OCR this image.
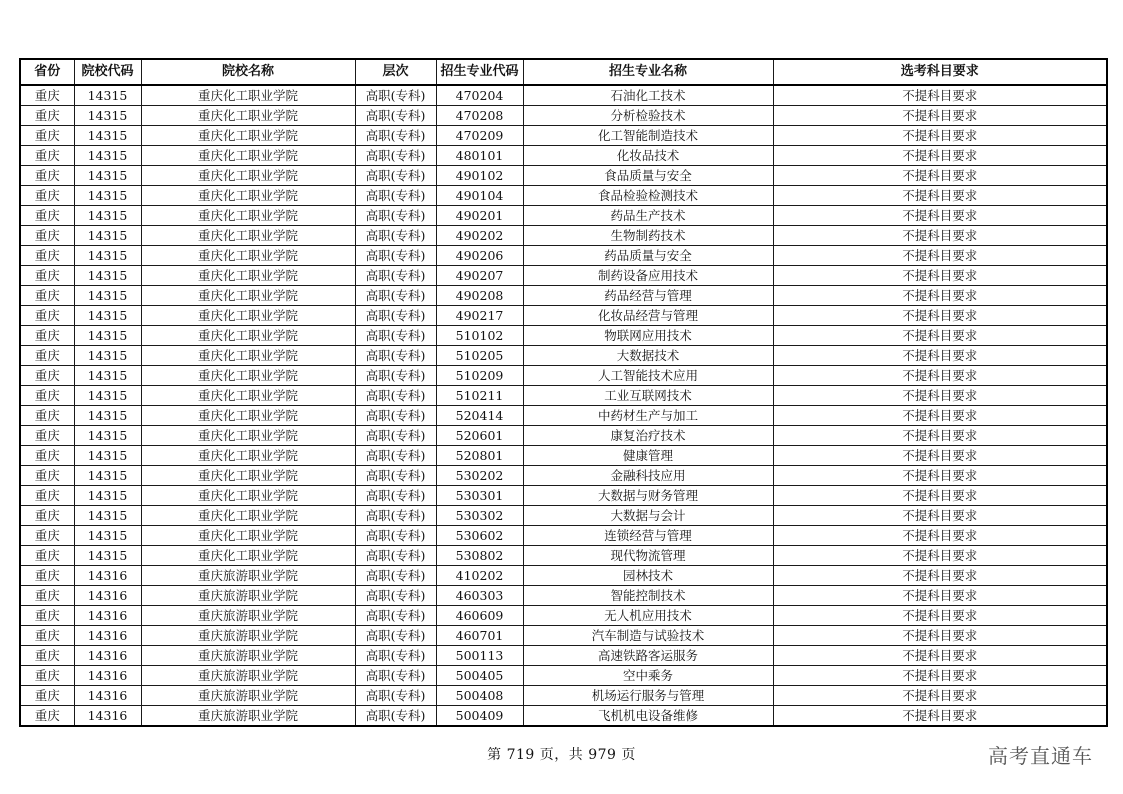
省份	院校代码	院校名称	层次	招生专业代码	招生专业名称	选考科目要求
重庆	14315	重庆化工职业学院	高职(专科)	470204	石油化工技术	不提科目要求
重庆	14315	重庆化工职业学院	高职(专科)	470208	分析检验技术	不提科目要求
重庆	14315	重庆化工职业学院	高职(专科)	470209	化工智能制造技术	不提科目要求
重庆	14315	重庆化工职业学院	高职(专科)	480101	化妆品技术	不提科目要求
重庆	14315	重庆化工职业学院	高职(专科)	490102	食品质量与安全	不提科目要求
重庆	14315	重庆化工职业学院	高职(专科)	490104	食品检验检测技术	不提科目要求
重庆	14315	重庆化工职业学院	高职(专科)	490201	药品生产技术	不提科目要求
重庆	14315	重庆化工职业学院	高职(专科)	490202	生物制药技术	不提科目要求
重庆	14315	重庆化工职业学院	高职(专科)	490206	药品质量与安全	不提科目要求
重庆	14315	重庆化工职业学院	高职(专科)	490207	制药设备应用技术	不提科目要求
重庆	14315	重庆化工职业学院	高职(专科)	490208	药品经营与管理	不提科目要求
重庆	14315	重庆化工职业学院	高职(专科)	490217	化妆品经营与管理	不提科目要求
重庆	14315	重庆化工职业学院	高职(专科)	510102	物联网应用技术	不提科目要求
重庆	14315	重庆化工职业学院	高职(专科)	510205	大数据技术	不提科目要求
重庆	14315	重庆化工职业学院	高职(专科)	510209	人工智能技术应用	不提科目要求
重庆	14315	重庆化工职业学院	高职(专科)	510211	工业互联网技术	不提科目要求
重庆	14315	重庆化工职业学院	高职(专科)	520414	中药材生产与加工	不提科目要求
重庆	14315	重庆化工职业学院	高职(专科)	520601	康复治疗技术	不提科目要求
重庆	14315	重庆化工职业学院	高职(专科)	520801	健康管理	不提科目要求
重庆	14315	重庆化工职业学院	高职(专科)	530202	金融科技应用	不提科目要求
重庆	14315	重庆化工职业学院	高职(专科)	530301	大数据与财务管理	不提科目要求
重庆	14315	重庆化工职业学院	高职(专科)	530302	大数据与会计	不提科目要求
重庆	14315	重庆化工职业学院	高职(专科)	530602	连锁经营与管理	不提科目要求
重庆	14315	重庆化工职业学院	高职(专科)	530802	现代物流管理	不提科目要求
重庆	14316	重庆旅游职业学院	高职(专科)	410202	园林技术	不提科目要求
重庆	14316	重庆旅游职业学院	高职(专科)	460303	智能控制技术	不提科目要求
重庆	14316	重庆旅游职业学院	高职(专科)	460609	无人机应用技术	不提科目要求
重庆	14316	重庆旅游职业学院	高职(专科)	460701	汽车制造与试验技术	不提科目要求
重庆	14316	重庆旅游职业学院	高职(专科)	500113	高速铁路客运服务	不提科目要求
重庆	14316	重庆旅游职业学院	高职(专科)	500405	空中乘务	不提科目要求
重庆	14316	重庆旅游职业学院	高职(专科)	500408	机场运行服务与管理	不提科目要求
重庆	14316	重庆旅游职业学院	高职(专科)	500409	飞机机电设备维修	不提科目要求
第 719 页，共 979 页	高考直通车
